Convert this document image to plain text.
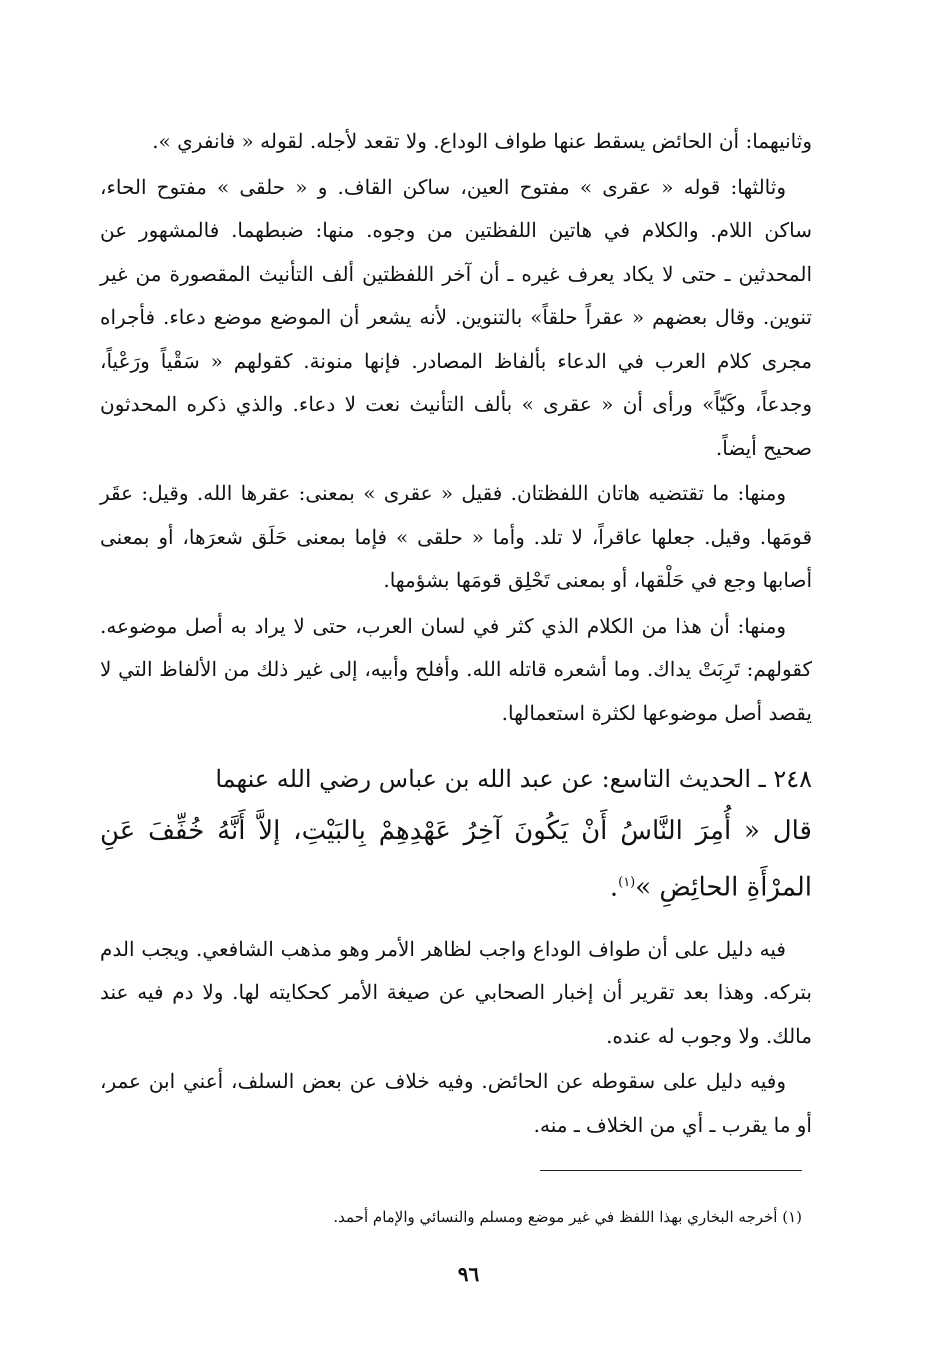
وثانيهما: أن الحائض يسقط عنها طواف الوداع. ولا تقعد لأجله. لقوله « فانفري ».

وثالثها: قوله « عقرى » مفتوح العين، ساكن القاف. و « حلقى » مفتوح الحاء، ساكن اللام. والكلام في هاتين اللفظتين من وجوه. منها: ضبطهما. فالمشهور عن المحدثين ـ حتى لا يكاد يعرف غيره ـ أن آخر اللفظتين ألف التأنيث المقصورة من غير تنوين. وقال بعضهم « عقراً حلقاً» بالتنوين. لأنه يشعر أن الموضع موضع دعاء. فأجراه مجرى كلام العرب في الدعاء بألفاظ المصادر. فإنها منونة. كقولهم « سَقْياً ورَعْياً، وجدعاً، وكَيّاً» ورأى أن « عقرى » بألف التأنيث نعت لا دعاء. والذي ذكره المحدثون صحيح أيضاً.

ومنها: ما تقتضيه هاتان اللفظتان. فقيل « عقرى » بمعنى: عقرها الله. وقيل: عقَر قومَها. وقيل. جعلها عاقراً، لا تلد. وأما « حلقى » فإما بمعنى حَلَق شعرَها، أو بمعنى أصابها وجع في حَلْقها، أو بمعنى تَحْلِق قومَها بشؤمها.

ومنها: أن هذا من الكلام الذي كثر في لسان العرب، حتى لا يراد به أصل موضوعه. كقولهم: تَرِبَتْ يداك. وما أشعره قاتله الله. وأفلح وأبيه، إلى غير ذلك من الألفاظ التي لا يقصد أصل موضوعها لكثرة استعمالها.

٢٤٨ ـ الحديث التاسع: عن عبد الله بن عباس رضي الله عنهما
قال « أُمِرَ النَّاسُ أَنْ يَكُونَ آخِرُ عَهْدِهِمْ بِالبَيْتِ، إلاَّ أَنَّهُ خُفِّفَ عَنِ المرْأَةِ الحائِضِ »$^{(١)}$.

فيه دليل على أن طواف الوداع واجب لظاهر الأمر وهو مذهب الشافعي. ويجب الدم بتركه. وهذا بعد تقرير أن إخبار الصحابي عن صيغة الأمر كحكايته لها. ولا دم فيه عند مالك. ولا وجوب له عنده.

وفيه دليل على سقوطه عن الحائض. وفيه خلاف عن بعض السلف، أعني ابن عمر، أو ما يقرب ـ أي من الخلاف ـ منه.

(١) أخرجه البخاري بهذا اللفظ في غير موضع ومسلم والنسائي والإمام أحمد.
٩٦
